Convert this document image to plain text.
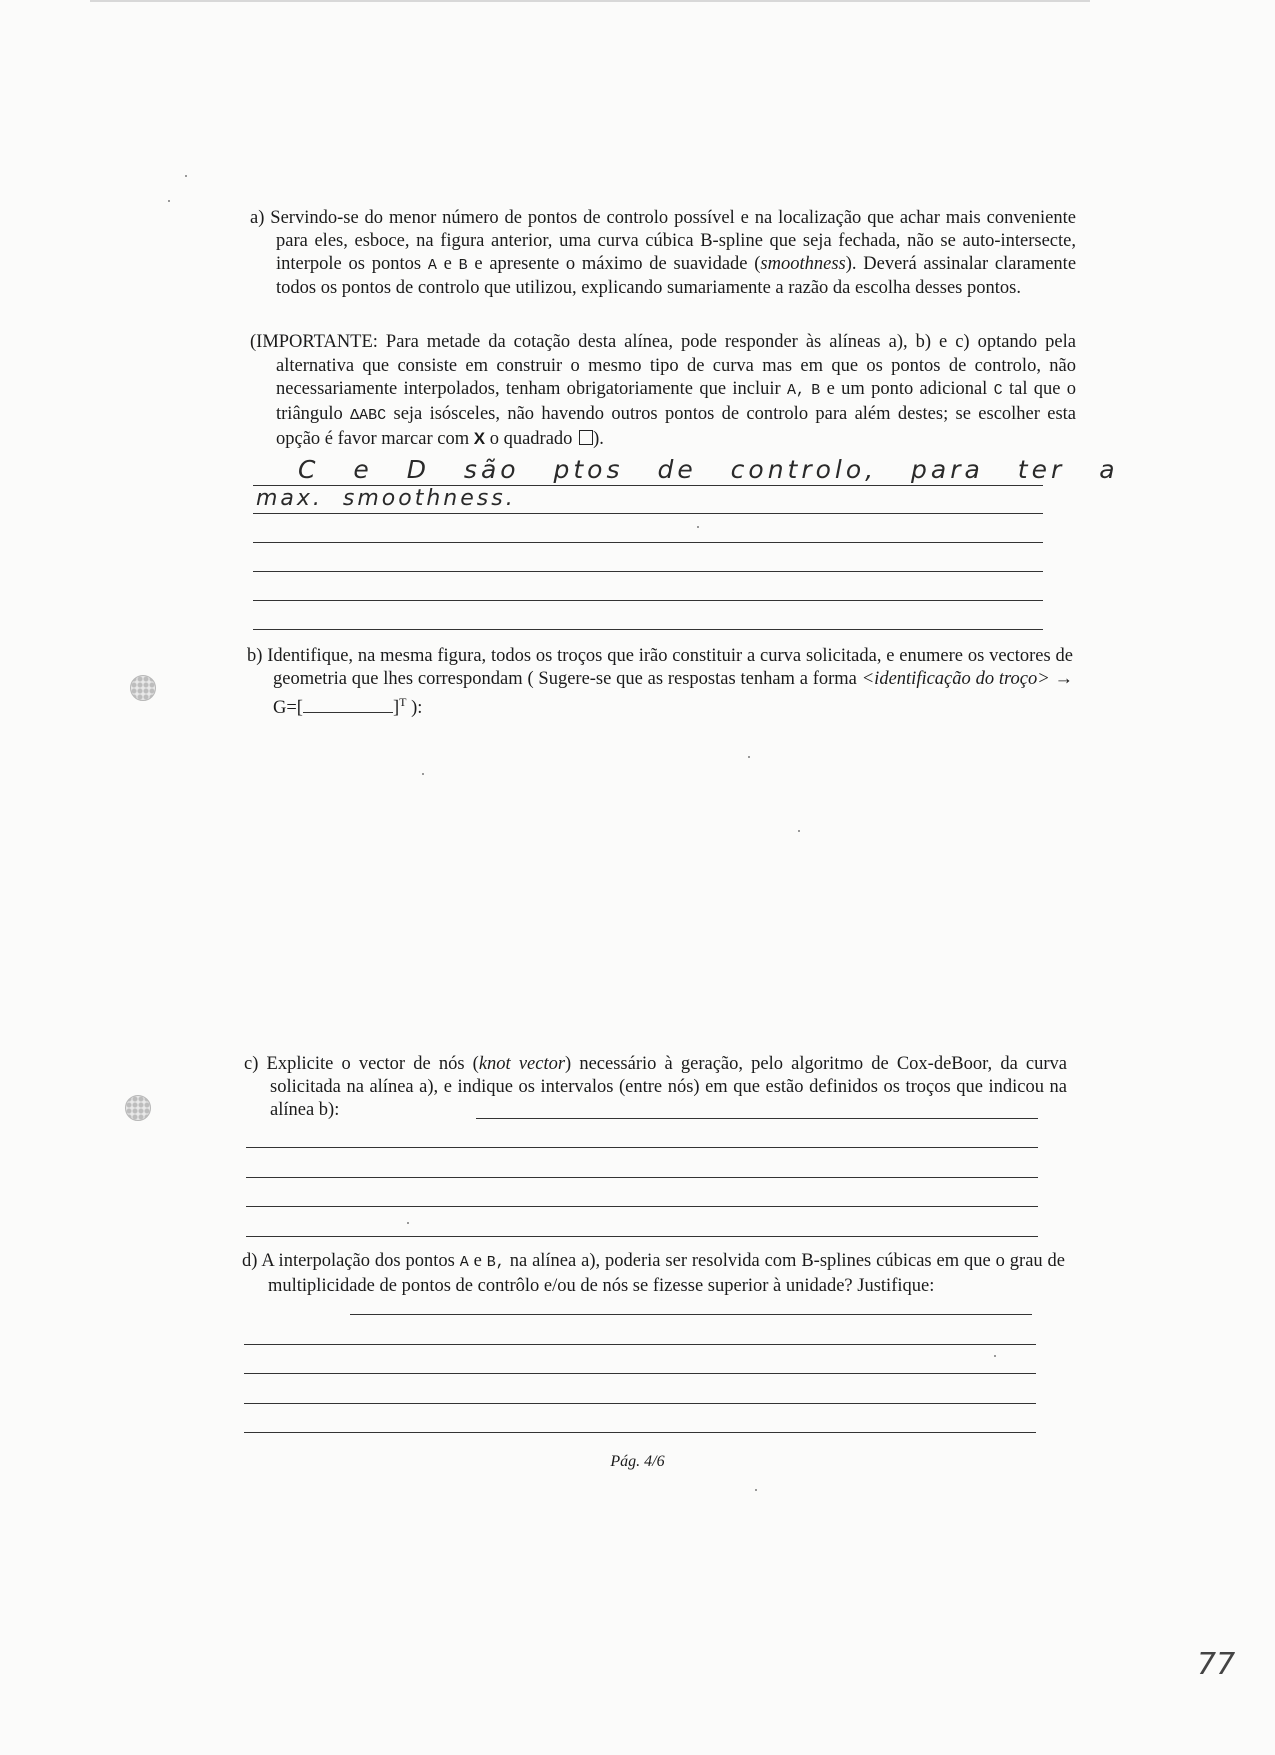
a) Servindo-se do menor número de pontos de controlo possível e na localização que achar mais conveniente para eles, esboce, na figura anterior, uma curva cúbica B-spline que seja fechada, não se auto-intersecte, interpole os pontos A e B e apresente o máximo de suavidade (smoothness). Deverá assinalar claramente todos os pontos de controlo que utilizou, explicando sumariamente a razão da escolha desses pontos.
(IMPORTANTE: Para metade da cotação desta alínea, pode responder às alíneas a), b) e c) optando pela alternativa que consiste em construir o mesmo tipo de curva mas em que os pontos de controlo, não necessariamente interpolados, tenham obrigatoriamente que incluir A, B e um ponto adicional C tal que o triângulo ΔABC seja isósceles, não havendo outros pontos de controlo para além destes; se escolher esta opção é favor marcar com X o quadrado ).
C e D são ptos de controlo, para ter a
max. smoothness.
b) Identifique, na mesma figura, todos os troços que irão constituir a curva solicitada, e enumere os vectores de geometria que lhes correspondam ( Sugere-se que as respostas tenham a forma <identificação do troço> → G=[	]$^T$ ):
c) Explicite o vector de nós (knot vector) necessário à geração, pelo algoritmo de Cox-deBoor, da curva solicitada na alínea a), e indique os intervalos (entre nós) em que estão definidos os troços que indicou na alínea b):
d) A interpolação dos pontos A e B, na alínea a), poderia ser resolvida com B-splines cúbicas em que o grau de multiplicidade de pontos de contrôlo e/ou de nós se fizesse superior à unidade? Justifique:
Pág. 4/6
77
